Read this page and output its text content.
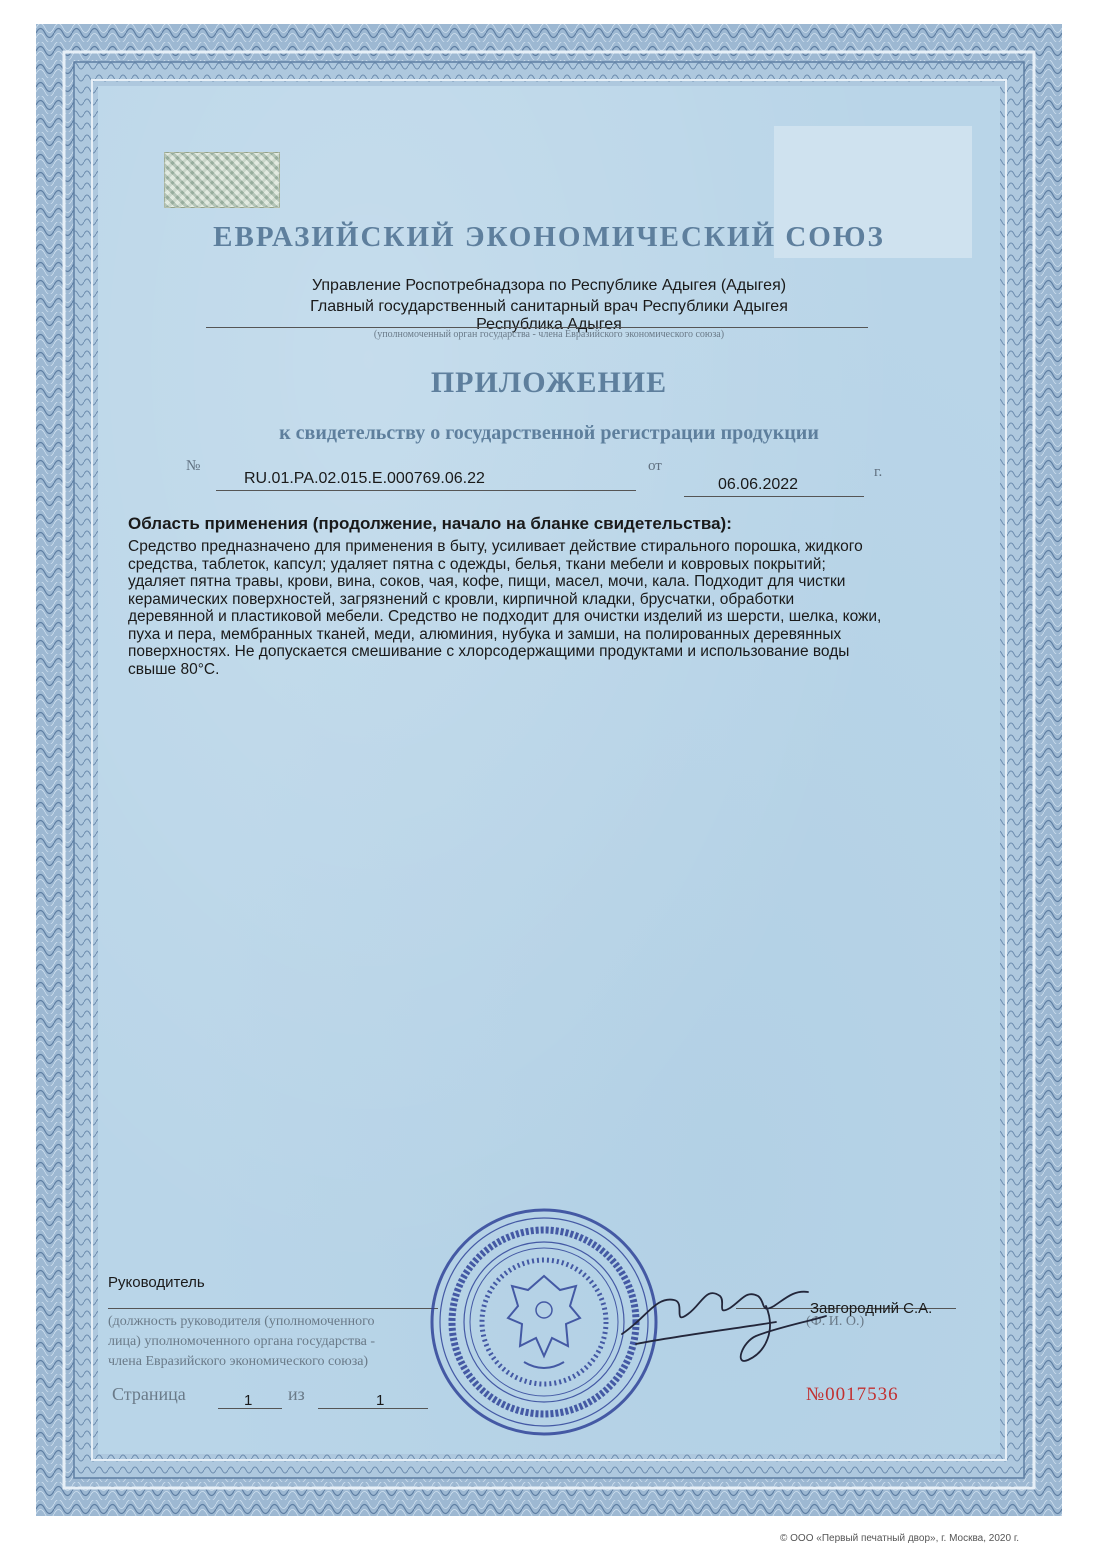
ЕВРАЗИЙСКИЙ ЭКОНОМИЧЕСКИЙ СОЮЗ
Управление Роспотребнадзора по Республике Адыгея (Адыгея)
Главный государственный санитарный врач Республики Адыгея
Республика Адыгея
(уполномоченный орган государства - члена Евразийского экономического союза)
ПРИЛОЖЕНИЕ
к свидетельству о государственной регистрации продукции
№
RU.01.РА.02.015.Е.000769.06.22
от
06.06.2022
г.
Область применения (продолжение, начало на бланке свидетельства):
Средство предназначено для применения в быту, усиливает действие стирального порошка, жидкого
средства, таблеток, капсул; удаляет пятна с одежды, белья, ткани мебели и ковровых покрытий;
удаляет пятна травы, крови, вина, соков, чая, кофе, пищи, масел, мочи, кала. Подходит для чистки
керамических поверхностей, загрязнений с кровли, кирпичной кладки, брусчатки, обработки
деревянной и пластиковой мебели. Средство не подходит для очистки изделий из шерсти, шелка, кожи,
пуха и пера, мембранных тканей, меди, алюминия, нубука и замши, на полированных деревянных
поверхностях. Не допускается смешивание с хлорсодержащими продуктами и использование воды
свыше 80°C.
Руководитель
(должность руководителя (уполномоченного
лица) уполномоченного органа государства -
члена Евразийского экономического союза)
(Ф. И. О.)
Завгородний С.А.
Страница	1 из	1	№0017536
© ООО «Первый печатный двор», г. Москва, 2020 г.
